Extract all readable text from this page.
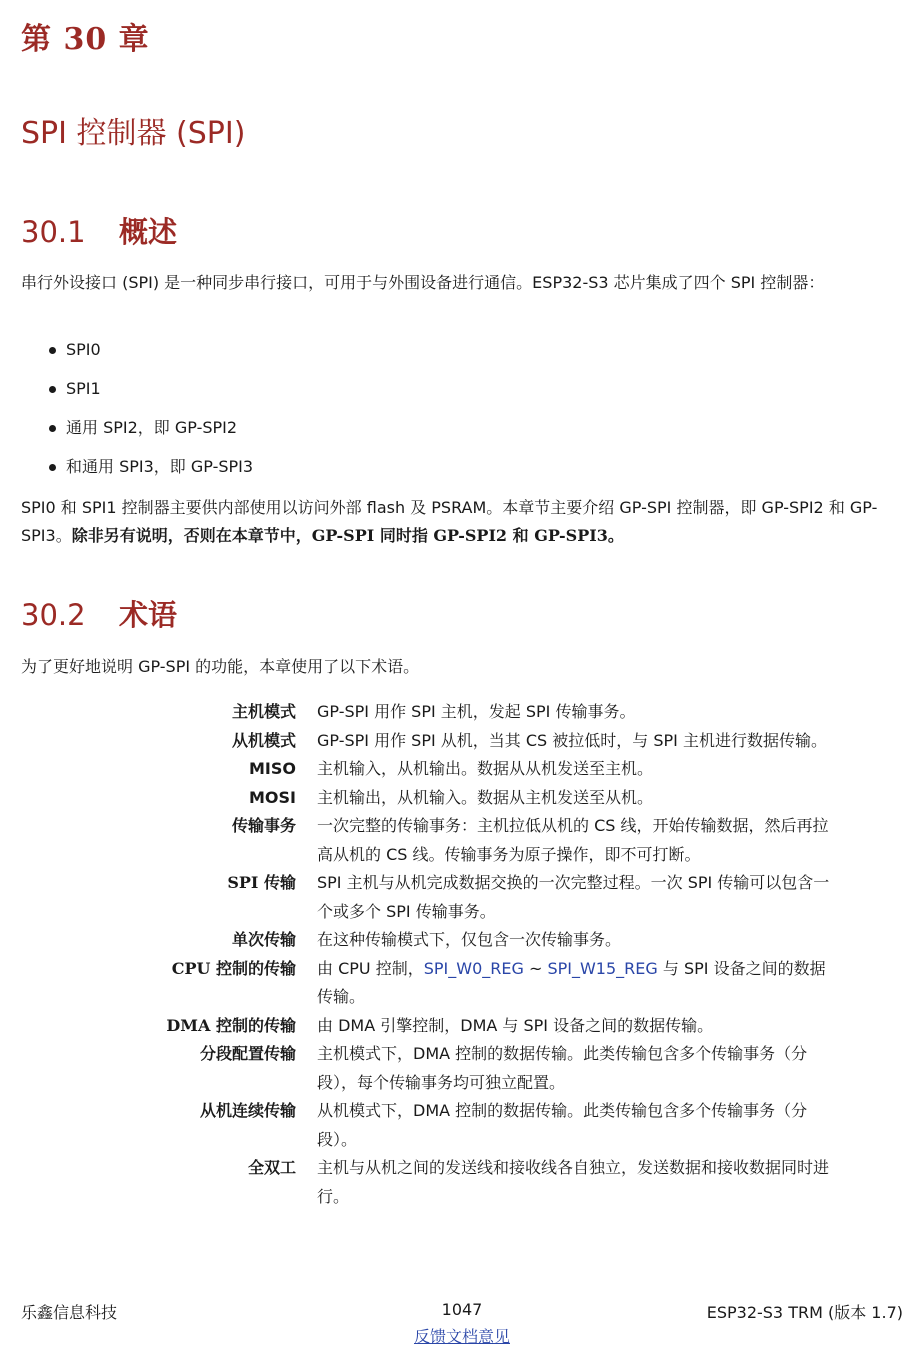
第 30 章
SPI 控制器 (SPI)
30.1 概述

串行外设接口 (SPI) 是一种同步串行接口，可用于与外围设备进行通信。ESP32-S3 芯片集成了四个 SPI 控制器：

SPI0
SPI1
通用 SPI2，即 GP-SPI2
和通用 SPI3，即 GP-SPI3

SPI0 和 SPI1 控制器主要供内部使用以访问外部 flash 及 PSRAM。本章节主要介绍 GP-SPI 控制器，即 GP-SPI2 和 GP-SPI3。除非另有说明，否则在本章节中，GP-SPI 同时指 GP-SPI2 和 GP-SPI3。

30.2 术语

为了更好地说明 GP-SPI 的功能，本章使用了以下术语。

主机模式	GP-SPI 用作 SPI 主机，发起 SPI 传输事务。
从机模式	GP-SPI 用作 SPI 从机，当其 CS 被拉低时，与 SPI 主机进行数据传输。
MISO	主机输入，从机输出。数据从从机发送至主机。
MOSI	主机输出，从机输入。数据从主机发送至从机。
传输事务	一次完整的传输事务：主机拉低从机的 CS 线，开始传输数据，然后再拉高从机的 CS 线。传输事务为原子操作，即不可打断。
SPI 传输	SPI 主机与从机完成数据交换的一次完整过程。一次 SPI 传输可以包含一个或多个 SPI 传输事务。
单次传输	在这种传输模式下，仅包含一次传输事务。
CPU 控制的传输	由 CPU 控制，SPI_W0_REG ~ SPI_W15_REG 与 SPI 设备之间的数据传输。
DMA 控制的传输	由 DMA 引擎控制，DMA 与 SPI 设备之间的数据传输。
分段配置传输	主机模式下，DMA 控制的数据传输。此类传输包含多个传输事务（分段），每个传输事务均可独立配置。
从机连续传输	从机模式下，DMA 控制的数据传输。此类传输包含多个传输事务（分段）。
全双工	主机与从机之间的发送线和接收线各自独立，发送数据和接收数据同时进行。
乐鑫信息科技	1047	ESP32-S3 TRM (版本 1.7)
反馈文档意见
